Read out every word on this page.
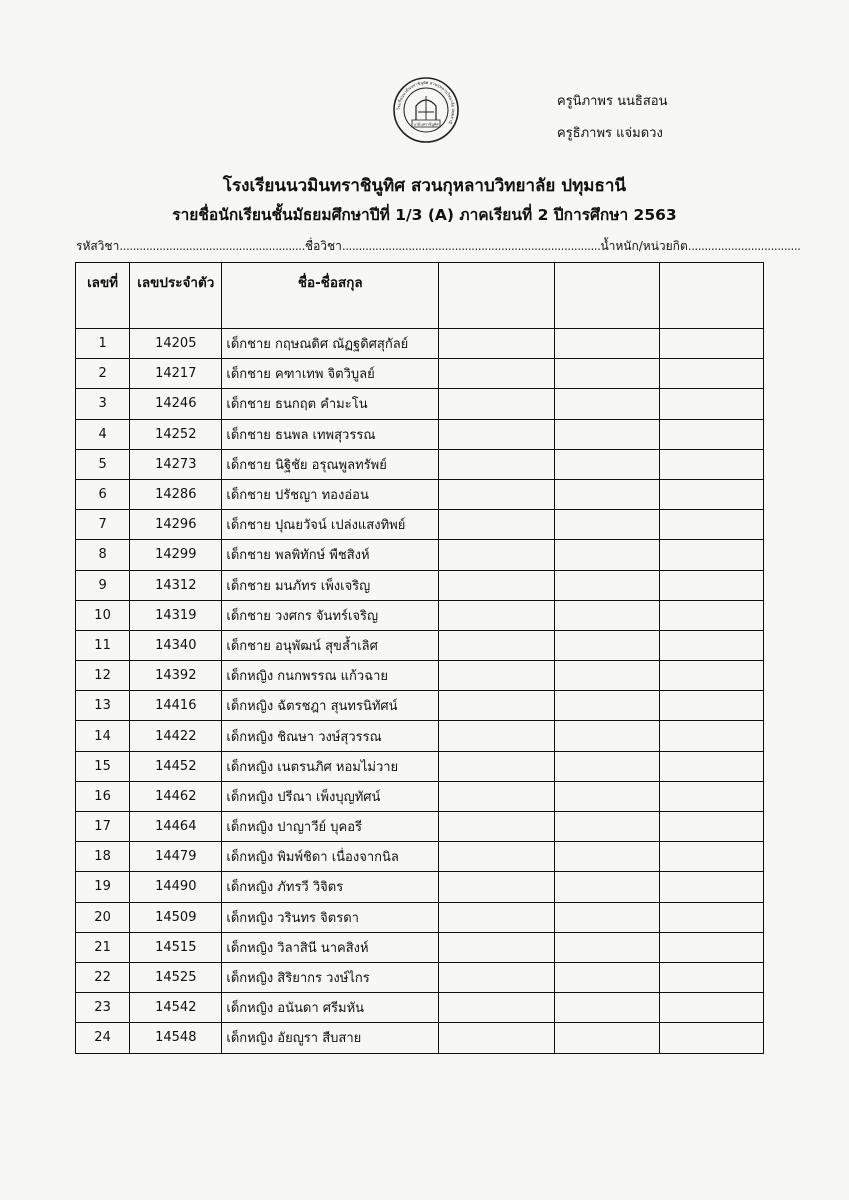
โรงเรียนนวมินทราชินูทิศ สวนกุหลาบวิทยาลัย ปทุมธานี
นวมินทราชินูทิศ
ครูนิภาพร นนธิสอน
ครูธิภาพร แจ่มดวง
โรงเรียนนวมินทราชินูทิศ สวนกุหลาบวิทยาลัย ปทุมธานี
รายชื่อนักเรียนชั้นมัธยมศึกษาปีที่ 1/3 (A) ภาคเรียนที่ 2 ปีการศึกษา 2563
รหัสวิชา........................................................ชื่อวิชา..............................................................................น้ำหนัก/หน่วยกิต..................................
เลขที่	เลขประจำตัว	ชื่อ-ชื่อสกุล			
1	14205	เด็กชาย กฤษณดิศ ณัฏฐดิศสุกัลย์			
2	14217	เด็กชาย คฑาเทพ จิตวิบูลย์			
3	14246	เด็กชาย ธนกฤต คำมะโน			
4	14252	เด็กชาย ธนพล เทพสุวรรณ			
5	14273	เด็กชาย นิฐิชัย อรุณพูลทรัพย์			
6	14286	เด็กชาย ปรัชญา ทองอ่อน			
7	14296	เด็กชาย ปุณยวัจน์ เปล่งแสงทิพย์			
8	14299	เด็กชาย พลพิทักษ์ พืชสิงห์			
9	14312	เด็กชาย มนภัทร เพ็งเจริญ			
10	14319	เด็กชาย วงศกร จันทร์เจริญ			
11	14340	เด็กชาย อนุพัฒน์ สุขล้ำเลิศ			
12	14392	เด็กหญิง กนกพรรณ แก้วฉาย			
13	14416	เด็กหญิง ฉัตรชฎา สุนทรนิทัศน์			
14	14422	เด็กหญิง ชิณษา วงษ์สุวรรณ			
15	14452	เด็กหญิง เนตรนภิศ หอมไม่วาย			
16	14462	เด็กหญิง ปรีณา เพ็งบุญทัศน์			
17	14464	เด็กหญิง ปาญาวีย์ บุคอรี			
18	14479	เด็กหญิง พิมพ์ชิดา เนื่องจากนิล			
19	14490	เด็กหญิง ภัทรวี วิจิตร			
20	14509	เด็กหญิง วรินทร จิตรดา			
21	14515	เด็กหญิง วิลาสินี นาคสิงห์			
22	14525	เด็กหญิง สิริยากร วงษ์ไกร			
23	14542	เด็กหญิง อนันดา ศรีมหัน			
24	14548	เด็กหญิง อัยญูรา สืบสาย			
